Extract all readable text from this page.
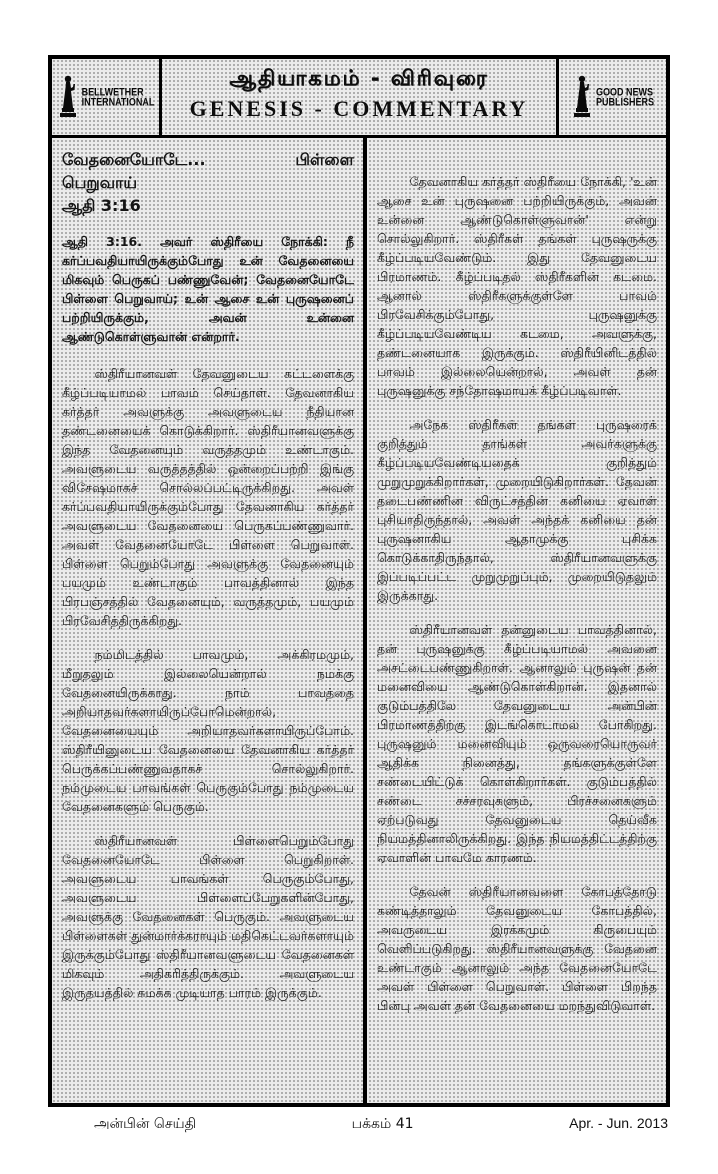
BELLWETHER
INTERNATIONAL
ஆதியாகமம் - விரிவுரை
GENESIS - COMMENTARY
GOOD NEWS
PUBLISHERS
வேதனையோடே...	பிள்ளை
பெறுவாய்
ஆதி 3:16

ஆதி 3:16. அவர் ஸ்திரீயை நோக்கி: நீ கர்ப்பவதியாயிருக்கும்போது உன் வேதனையை மிகவும் பெருகப் பண்ணுவேன்; வேதனையோடே பிள்ளை பெறுவாய்; உன் ஆசை உன் புருஷனைப் பற்றியிருக்கும், அவன் உன்னை ஆண்டுகொள்ளுவான் என்றார்.

ஸ்திரீயானவள் தேவனுடைய கட்டளைக்கு கீழ்ப்படியாமல் பாவம் செய்தாள். தேவனாகிய கர்த்தர் அவளுக்கு அவளுடைய நீதியான தண்டனையைக் கொடுக்கிறார். ஸ்திரீயானவளுக்கு இந்த வேதனையும் வருத்தமும் உண்டாகும். அவளுடைய வருத்தத்தில் ஒன்றைப்பற்றி இங்கு விசேஷமாகச் சொல்லப்பட்டிருக்கிறது. அவள் கர்ப்பவதியாயிருக்கும்போது தேவனாகிய கர்த்தர் அவளுடைய வேதனையை பெருகப்பண்ணுவார். அவள் வேதனையோடே பிள்ளை பெறுவாள். பிள்ளை பெறும்போது அவளுக்கு வேதனையும் பயமும் உண்டாகும் பாவத்தினால் இந்த பிரபஞ்சத்தில் வேதனையும், வருத்தமும், பயமும் பிரவேசித்திருக்கிறது.

நம்மிடத்தில் பாவமும், அக்கிரமமும், மீறுதலும் இல்லையென்றால் நமக்கு வேதனையிருக்காது. நாம் பாவத்தை அறியாதவர்களாயிருப்போமென்றால், வேதனையையும் அறியாதவர்களாயிருப்போம். ஸ்திரீயினுடைய வேதனையை தேவனாகிய கர்த்தர் பெருக்கப்பண்ணுவதாகச் சொல்லுகிறார். நம்முடைய பாவங்கள் பெருகும்போது நம்முடைய வேதனைகளும் பெருகும்.

ஸ்திரீயானவள் பிள்ளைபெறும்போது வேதனையோடே பிள்ளை பெறுகிறாள். அவளுடைய பாவங்கள் பெருகும்போது, அவளுடைய பிள்ளைப்பேறுகளின்போது, அவளுக்கு வேதனைகள் பெருகும். அவளுடைய பிள்ளைகள் துன்மார்க்கராயும் மதிகெட்டவர்களாயும் இருக்கும்போது ஸ்திரீயானவளுடைய வேதனைகள் மிகவும் அதிகரித்திருக்கும். அவளுடைய இருதயத்தில் சுமக்க முடியாத பாரம் இருக்கும்.

தேவனாகிய கர்த்தர் ஸ்திரீயை நோக்கி, 'உன் ஆசை உன் புருஷனை பற்றியிருக்கும், அவன் உன்னை ஆண்டுகொள்ளுவான்' என்று சொல்லுகிறார். ஸ்திரீகள் தங்கள் புருஷருக்கு கீழ்ப்படியவேண்டும். இது தேவனுடைய பிரமாணம். கீழ்ப்படிதல் ஸ்திரீகளின் கடமை. ஆனால் ஸ்திரீகளுக்குள்ளே பாவம் பிரவேசிக்கும்போது, புருஷனுக்கு கீழ்ப்படியவேண்டிய கடமை, அவளுக்கு, தண்டனையாக இருக்கும். ஸ்திரீயினிடத்தில் பாவம் இல்லையென்றால், அவள் தன் புருஷனுக்கு சந்தோஷமாயக் கீழ்ப்படிவாள்.

அநேக ஸ்திரீகள் தங்கள் புருஷரைக் குறித்தும் தாங்கள் அவர்களுக்கு கீழ்ப்படியவேண்டியதைக் குறித்தும் முறுமுறுக்கிறார்கள், முறையிடுகிறார்கள். தேவன் தடைபண்ணின விருட்சத்தின் கனியை ஏவாள் புசியாதிருந்தால், அவள் அந்தக் கனியை தன் புருஷனாகிய ஆதாமுக்கு புசிக்க கொடுக்காதிருந்தால், ஸ்திரீயானவளுக்கு இப்படிப்பட்ட முறுமுறுப்பும், முறையிடுதலும் இருக்காது.

ஸ்திரீயானவள் தன்னுடைய பாவத்தினால், தன் புருஷனுக்கு கீழ்ப்படியாமல் அவனை அசட்டைபண்ணுகிறாள். ஆனாலும் புருஷன் தன் மனைவியை ஆண்டுகொள்கிறான். இதனால் குடும்பத்திலே தேவனுடைய அன்பின் பிரமாணத்திற்கு இடங்கொடாமல் போகிறது. புருஷனும் மனைவியும் ஒருவரையொருவர் ஆதிக்க நினைத்து, தங்களுக்குள்ளே சண்டையிட்டுக் கொள்கிறார்கள். குடும்பத்தில் சண்டை சச்சரவுகளும், பிரச்சனைகளும் ஏற்படுவது தேவனுடைய தெய்வீக நியமத்தினாலிருக்கிறது. இந்த நியமத்திட்டத்திற்கு ஏவாளின் பாவமே காரணம்.

தேவன் ஸ்திரீயானவளை கோபத்தோடு கண்டித்தாலும் தேவனுடைய கோபத்தில், அவருடைய இரக்கமும் கிருபையும் வெளிப்படுகிறது. ஸ்திரீயானவளுக்கு வேதனை உண்டாகும் ஆனாலும் அந்த வேதனையோடே அவள் பிள்ளை பெறுவாள். பிள்ளை பிறந்த பின்பு அவள் தன் வேதனையை மறந்துவிடுவாள்.

அன்பின் செய்தி	பக்கம் 41	Apr. - Jun. 2013
